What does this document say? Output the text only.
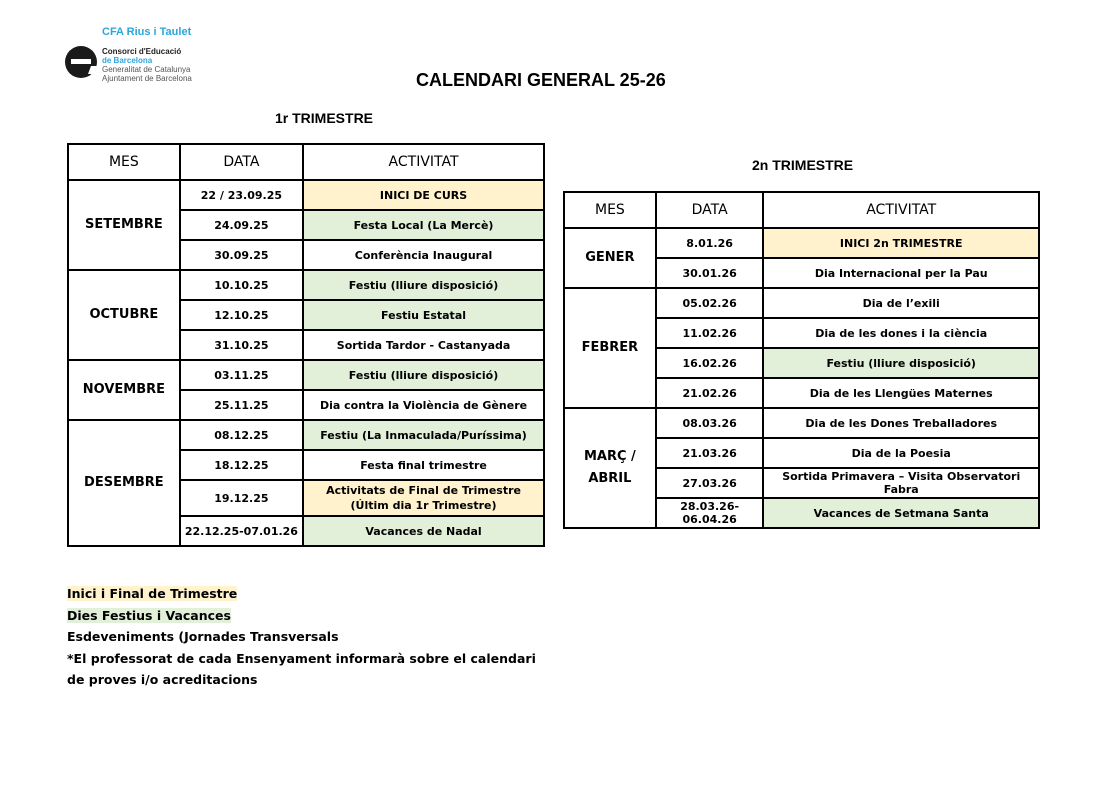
CFA Rius i Taulet
Consorci d'Educació
de Barcelona
Generalitat de Catalunya
Ajuntament de Barcelona	CALENDARI GENERAL 25-26
1r TRIMESTRE
2n TRIMESTRE
MES	DATA	ACTIVITAT

SETEMBRE	22 / 23.09.25	INICI DE CURS

	24.09.25	Festa Local (La Mercè)

	30.09.25	Conferència Inaugural

OCTUBRE	10.10.25	Festiu (lliure disposició)

	12.10.25	Festiu Estatal

	31.10.25	Sortida Tardor - Castanyada

NOVEMBRE	03.11.25	Festiu (lliure disposició)

	25.11.25	Dia contra la Violència de Gènere

DESEMBRE	08.12.25	Festiu (La Inmaculada/Puríssima)

	18.12.25	Festa final trimestre

	19.12.25	Activitats de Final de Trimestre
(Últim dia 1r Trimestre)

	22.12.25-07.01.26	Vacances de Nadal
MES	DATA	ACTIVITAT

GENER	8.01.26	INICI 2n TRIMESTRE

	30.01.26	Dia Internacional per la Pau

FEBRER	05.02.26	Dia de l’exili

	11.02.26	Dia de les dones i la ciència

	16.02.26	Festiu (lliure disposició)

	21.02.26	Dia de les Llengües Maternes

MARÇ /
ABRIL	08.03.26	Dia de les Dones Treballadores

	21.03.26	Dia de la Poesia

	27.03.26	Sortida Primavera – Visita Observatori Fabra

	28.03.26-06.04.26	Vacances de Setmana Santa
Inici i Final de Trimestre
Dies Festius i Vacances
Esdeveniments (Jornades Transversals
*El professorat de cada Ensenyament informarà sobre el calendari
de proves i/o acreditacions
